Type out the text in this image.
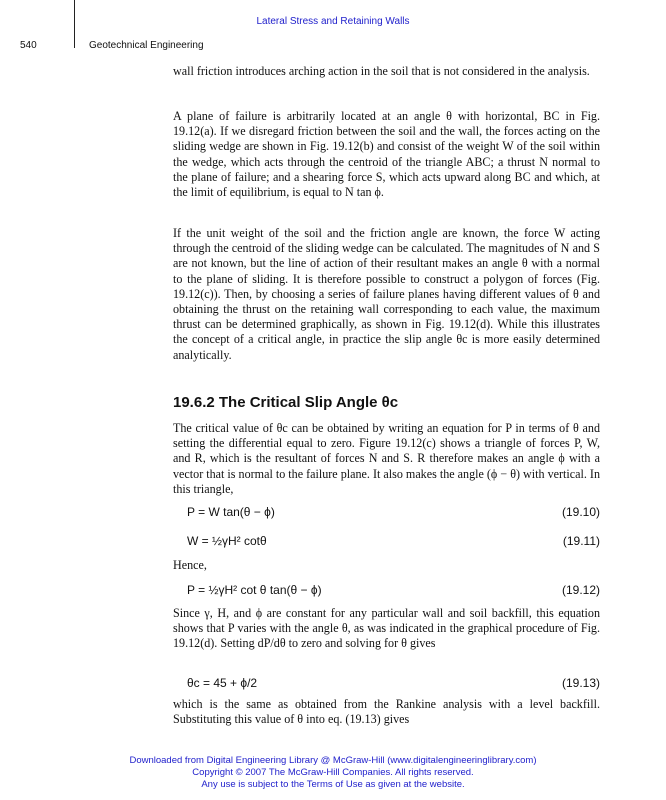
Lateral Stress and Retaining Walls
540	Geotechnical Engineering

wall friction introduces arching action in the soil that is not considered in the analysis.

A plane of failure is arbitrarily located at an angle θ with horizontal, BC in Fig. 19.12(a). If we disregard friction between the soil and the wall, the forces acting on the sliding wedge are shown in Fig. 19.12(b) and consist of the weight W of the soil within the wedge, which acts through the centroid of the triangle ABC; a thrust N normal to the plane of failure; and a shearing force S, which acts upward along BC and which, at the limit of equilibrium, is equal to N tan ϕ.

If the unit weight of the soil and the friction angle are known, the force W acting through the centroid of the sliding wedge can be calculated. The magnitudes of N and S are not known, but the line of action of their resultant makes an angle θ with a normal to the plane of sliding. It is therefore possible to construct a polygon of forces (Fig. 19.12(c)). Then, by choosing a series of failure planes having different values of θ and obtaining the thrust on the retaining wall corresponding to each value, the maximum thrust can be determined graphically, as shown in Fig. 19.12(d). While this illustrates the concept of a critical angle, in practice the slip angle θc is more easily determined analytically.

19.6.2 The Critical Slip Angle θc

The critical value of θc can be obtained by writing an equation for P in terms of θ and setting the differential equal to zero. Figure 19.12(c) shows a triangle of forces P, W, and R, which is the resultant of forces N and S. R therefore makes an angle ϕ with a vector that is normal to the failure plane. It also makes the angle (ϕ − θ) with vertical. In this triangle,

P = W tan(θ − ϕ)	(19.10)
W = ½γH² cotθ	(19.11)

Hence,

P = ½γH² cot θ tan(θ − ϕ)	(19.12)

Since γ, H, and ϕ are constant for any particular wall and soil backfill, this equation shows that P varies with the angle θ, as was indicated in the graphical procedure of Fig. 19.12(d). Setting dP/dθ to zero and solving for θ gives

θc = 45 + ϕ/2	(19.13)

which is the same as obtained from the Rankine analysis with a level backfill. Substituting this value of θ into eq. (19.13) gives

Downloaded from Digital Engineering Library @ McGraw-Hill (www.digitalengineeringlibrary.com)
Copyright © 2007 The McGraw-Hill Companies. All rights reserved.
Any use is subject to the Terms of Use as given at the website.
